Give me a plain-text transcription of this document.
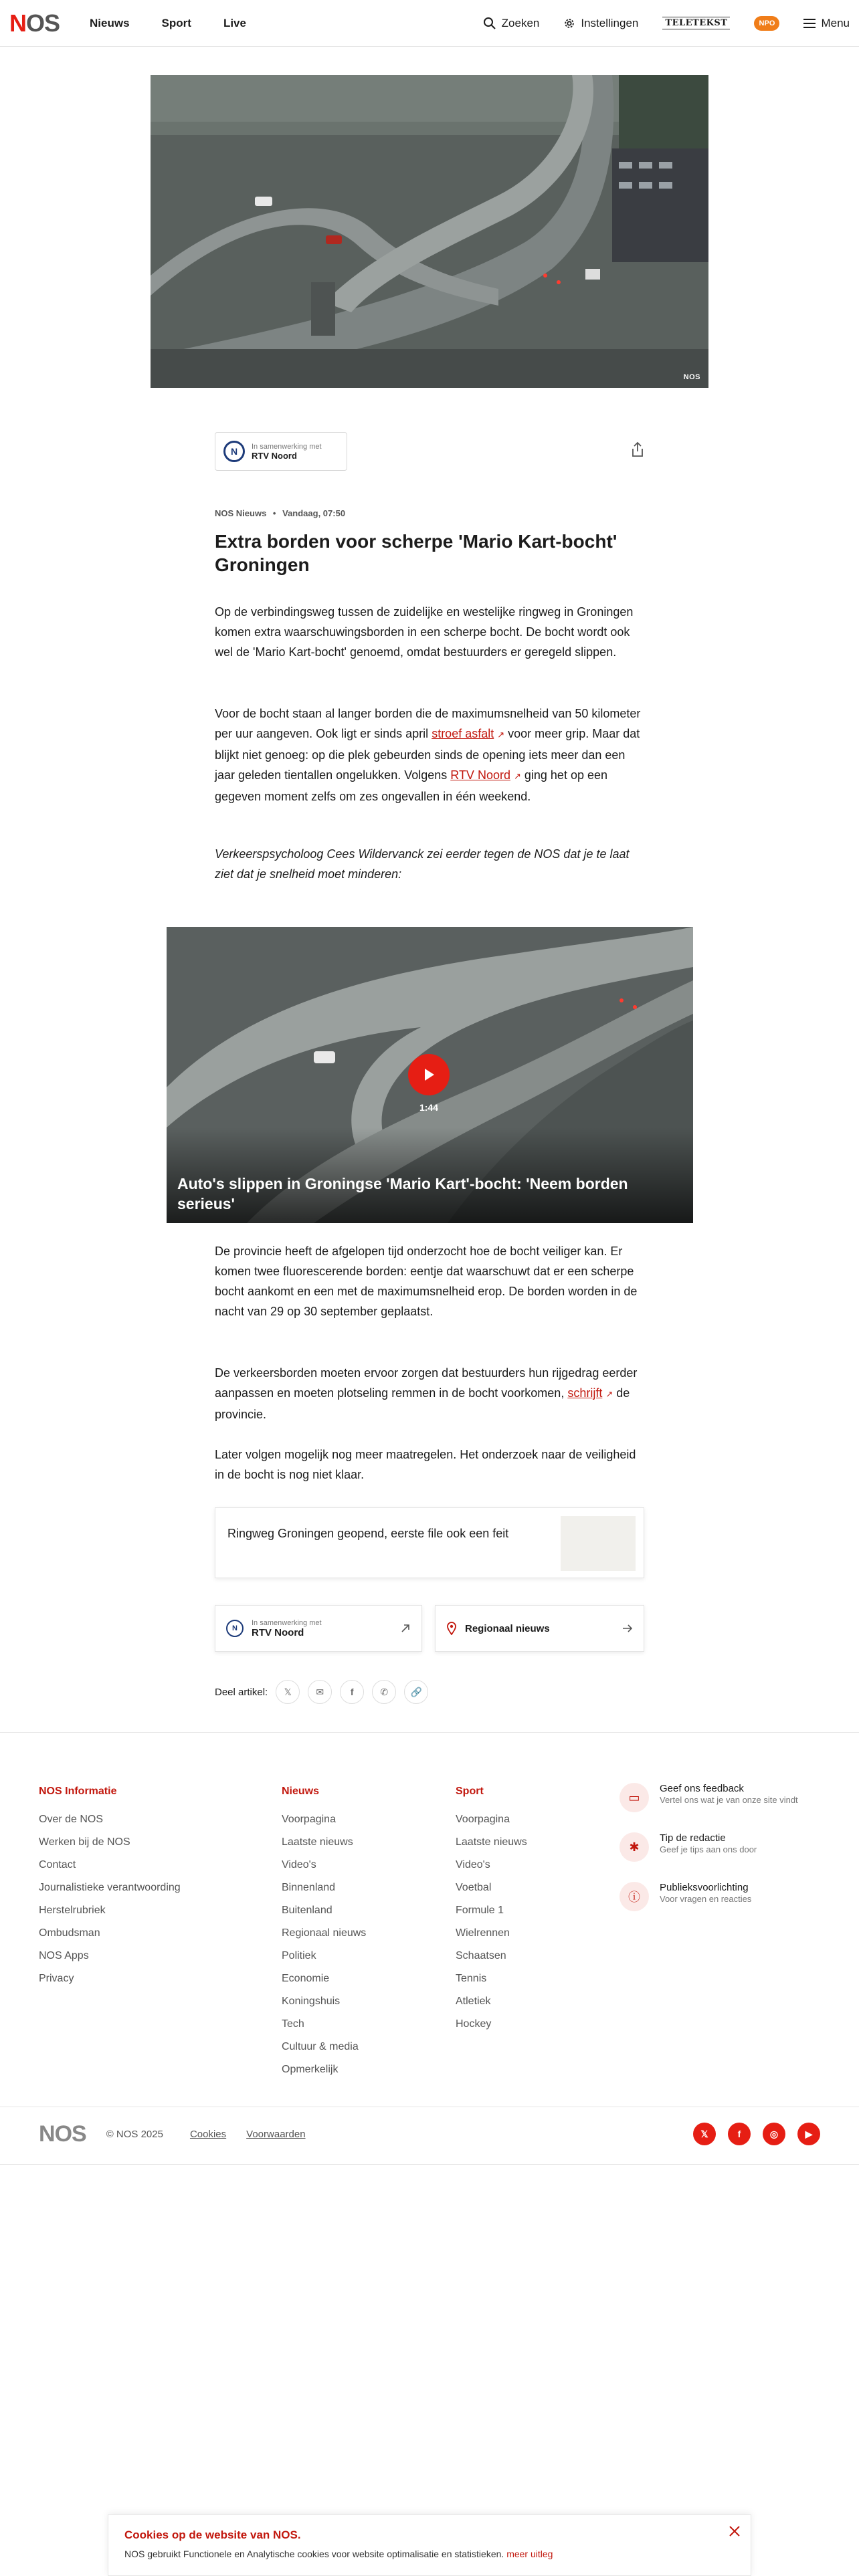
NOS	Nieuws	Sport	Live	Zoeken	Instellingen	TELETEKST	NPO	Menu
NOS
N	In samenwerking met
RTV Noord
NOS Nieuws • Vandaag, 07:50
Extra borden voor scherpe 'Mario Kart-bocht' Groningen

Op de verbindingsweg tussen de zuidelijke en westelijke ringweg in Groningen komen extra waarschuwingsborden in een scherpe bocht. De bocht wordt ook wel de 'Mario Kart-bocht' genoemd, omdat bestuurders er geregeld slippen.

Voor de bocht staan al langer borden die de maximumsnelheid van 50 kilometer per uur aangeven. Ook ligt er sinds april stroef asfalt ↗ voor meer grip. Maar dat blijkt niet genoeg: op die plek gebeurden sinds de opening iets meer dan een jaar geleden tientallen ongelukken. Volgens RTV Noord ↗ ging het op een gegeven moment zelfs om zes ongevallen in één weekend.

Verkeerspsycholoog Cees Wildervanck zei eerder tegen de NOS dat je te laat ziet dat je snelheid moet minderen:

1:44
Auto's slippen in Groningse 'Mario Kart'-bocht: 'Neem borden serieus'

De provincie heeft de afgelopen tijd onderzocht hoe de bocht veiliger kan. Er komen twee fluorescerende borden: eentje dat waarschuwt dat er een scherpe bocht aankomt en een met de maximumsnelheid erop. De borden worden in de nacht van 29 op 30 september geplaatst.

De verkeersborden moeten ervoor zorgen dat bestuurders hun rijgedrag eerder aanpassen en moeten plotseling remmen in de bocht voorkomen, schrijft ↗ de provincie.

Later volgen mogelijk nog meer maatregelen. Het onderzoek naar de veiligheid in de bocht is nog niet klaar.

Ringweg Groningen geopend, eerste file ook een feit
N
In samenwerking met
RTV Noord	Regionaal nieuws
Deel artikel: 𝕏	✉	f	✆ 🔗
NOS Informatie
Over de NOS
Werken bij de NOS
Contact
Journalistieke verantwoording
Herstelrubriek
Ombudsman
NOS Apps
Privacy
Nieuws
Voorpagina
Laatste nieuws
Video's
Binnenland
Buitenland
Regionaal nieuws
Politiek
Economie
Koningshuis
Tech
Cultuur & media
Opmerkelijk
Sport
Voorpagina
Laatste nieuws
Video's
Voetbal
Formule 1
Wielrennen
Schaatsen
Tennis
Atletiek
Hockey
▭
Geef ons feedback
Vertel ons wat je van onze site vindt
✱
Tip de redactie
Geef je tips aan ons door
ⓘ
Publieksvoorlichting
Voor vragen en reacties
NOS © NOS 2025	Cookies Voorwaarden	𝕏	f	◎	▶
Cookies op de website van NOS.
NOS gebruikt Functionele en Analytische cookies voor website optimalisatie en statistieken. meer uitleg
